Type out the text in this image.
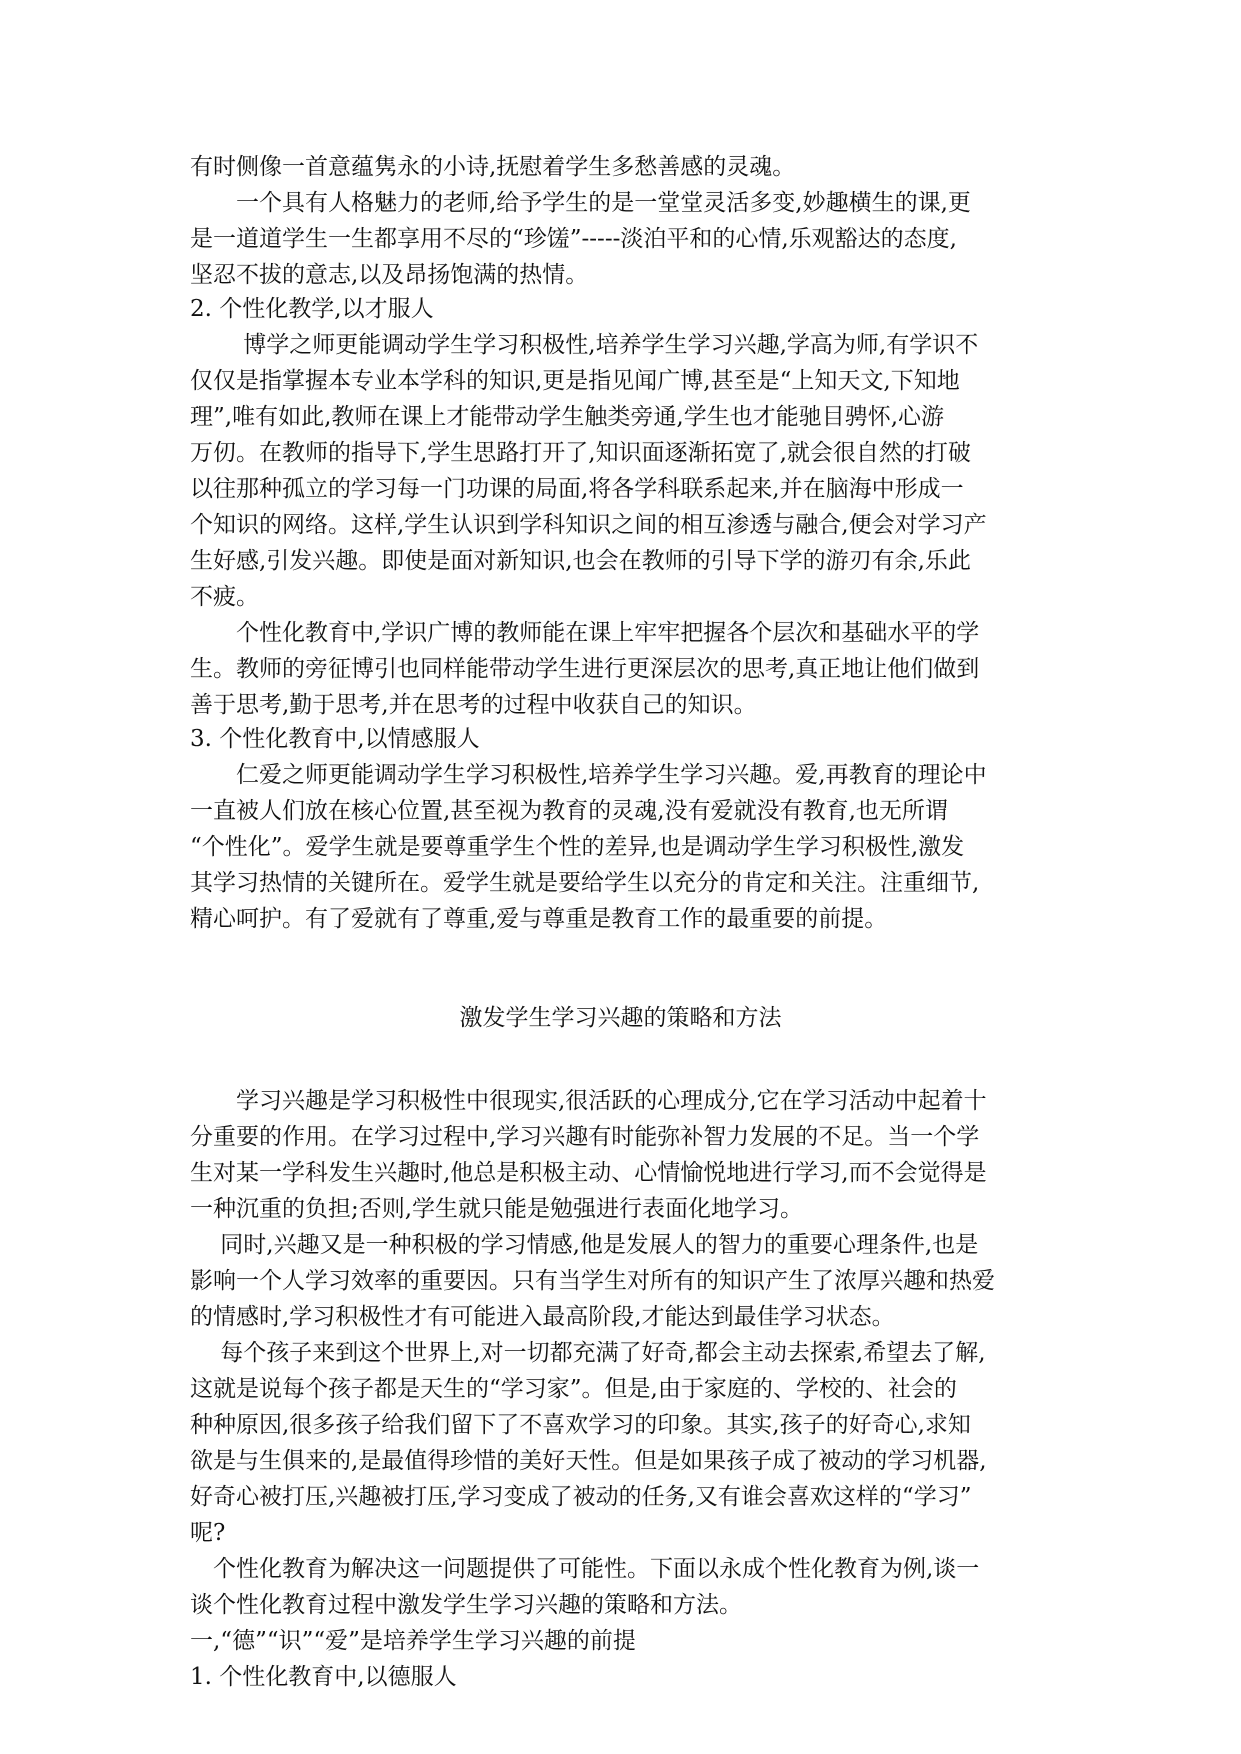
有时侧像一首意蕴隽永的小诗,抚慰着学生多愁善感的灵魂。
　　一个具有人格魅力的老师,给予学生的是一堂堂灵活多变,妙趣横生的课,更
是一道道学生一生都享用不尽的“珍馐”-----淡泊平和的心情,乐观豁达的态度,
坚忍不拔的意志,以及昂扬饱满的热情。
2. 个性化教学,以才服人
　　 博学之师更能调动学生学习积极性,培养学生学习兴趣,学高为师,有学识不
仅仅是指掌握本专业本学科的知识,更是指见闻广博,甚至是“上知天文,下知地
理”,唯有如此,教师在课上才能带动学生触类旁通,学生也才能驰目骋怀,心游
万仞。在教师的指导下,学生思路打开了,知识面逐渐拓宽了,就会很自然的打破
以往那种孤立的学习每一门功课的局面,将各学科联系起来,并在脑海中形成一
个知识的网络。这样,学生认识到学科知识之间的相互渗透与融合,便会对学习产
生好感,引发兴趣。即使是面对新知识,也会在教师的引导下学的游刃有余,乐此
不疲。
　　个性化教育中,学识广博的教师能在课上牢牢把握各个层次和基础水平的学
生。教师的旁征博引也同样能带动学生进行更深层次的思考,真正地让他们做到
善于思考,勤于思考,并在思考的过程中收获自己的知识。
3. 个性化教育中,以情感服人
　　仁爱之师更能调动学生学习积极性,培养学生学习兴趣。爱,再教育的理论中
一直被人们放在核心位置,甚至视为教育的灵魂,没有爱就没有教育,也无所谓
“个性化”。爱学生就是要尊重学生个性的差异,也是调动学生学习积极性,激发
其学习热情的关键所在。爱学生就是要给学生以充分的肯定和关注。注重细节,
精心呵护。有了爱就有了尊重,爱与尊重是教育工作的最重要的前提。
激发学生学习兴趣的策略和方法
　　学习兴趣是学习积极性中很现实,很活跃的心理成分,它在学习活动中起着十
分重要的作用。在学习过程中,学习兴趣有时能弥补智力发展的不足。当一个学
生对某一学科发生兴趣时,他总是积极主动、心情愉悦地进行学习,而不会觉得是
一种沉重的负担;否则,学生就只能是勉强进行表面化地学习。
　 同时,兴趣又是一种积极的学习情感,他是发展人的智力的重要心理条件,也是
影响一个人学习效率的重要因。只有当学生对所有的知识产生了浓厚兴趣和热爱
的情感时,学习积极性才有可能进入最高阶段,才能达到最佳学习状态。
　 每个孩子来到这个世界上,对一切都充满了好奇,都会主动去探索,希望去了解,
这就是说每个孩子都是天生的“学习家”。但是,由于家庭的、学校的、社会的
种种原因,很多孩子给我们留下了不喜欢学习的印象。其实,孩子的好奇心,求知
欲是与生俱来的,是最值得珍惜的美好天性。但是如果孩子成了被动的学习机器,
好奇心被打压,兴趣被打压,学习变成了被动的任务,又有谁会喜欢这样的“学习”
呢?
　个性化教育为解决这一问题提供了可能性。下面以永成个性化教育为例,谈一
谈个性化教育过程中激发学生学习兴趣的策略和方法。
一,“德”“识”“爱”是培养学生学习兴趣的前提
1. 个性化教育中,以德服人
